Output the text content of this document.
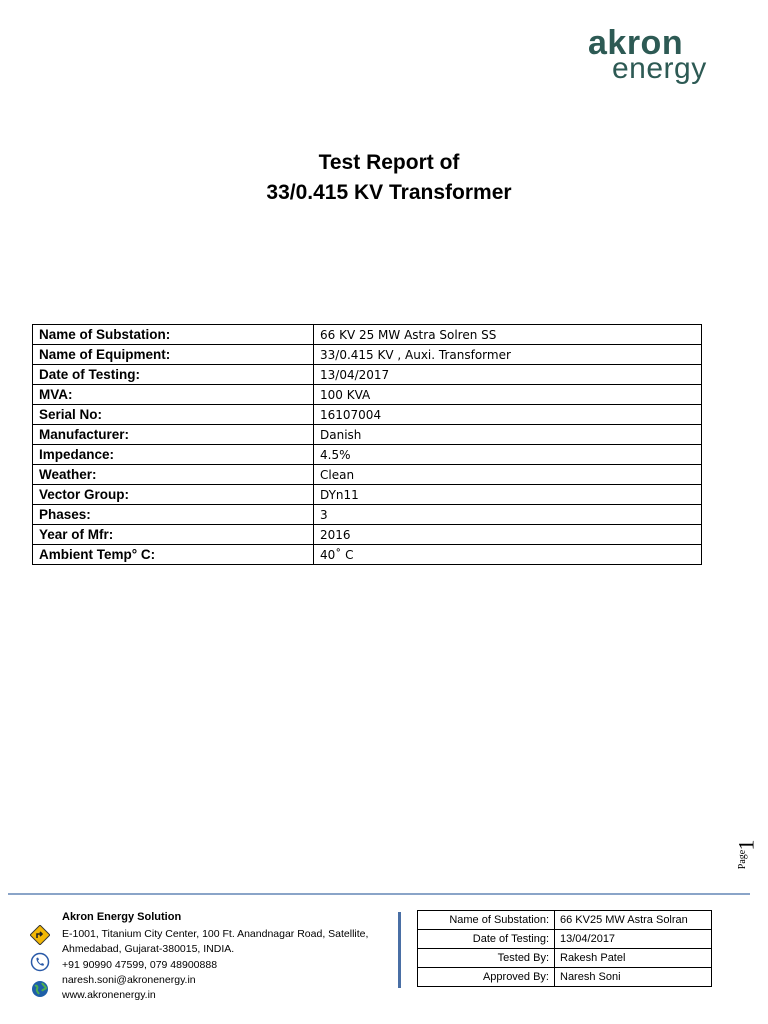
akron
energy
Test Report of
33/0.415 KV Transformer
Name of Substation:	66 KV 25 MW Astra Solren SS
Name of Equipment:	33/0.415 KV , Auxi. Transformer
Date of Testing:	13/04/2017
MVA:	100 KVA
Serial No:	16107004
Manufacturer:	Danish
Impedance:	4.5%
Weather:	Clean
Vector Group:	DYn11
Phases:	3
Year of Mfr:	2016
Ambient Temp° C:	40˚ C
1
Page
Akron Energy Solution
E-1001, Titanium City Center, 100 Ft. Anandnagar Road, Satellite, Ahmedabad, Gujarat-380015, INDIA.
+91 90990 47599, 079 48900888
naresh.soni@akronenergy.in
www.akronenergy.in
Name of Substation:	66 KV25 MW Astra Solran
Date of Testing:	13/04/2017
Tested By:	Rakesh Patel
Approved By:	Naresh Soni
